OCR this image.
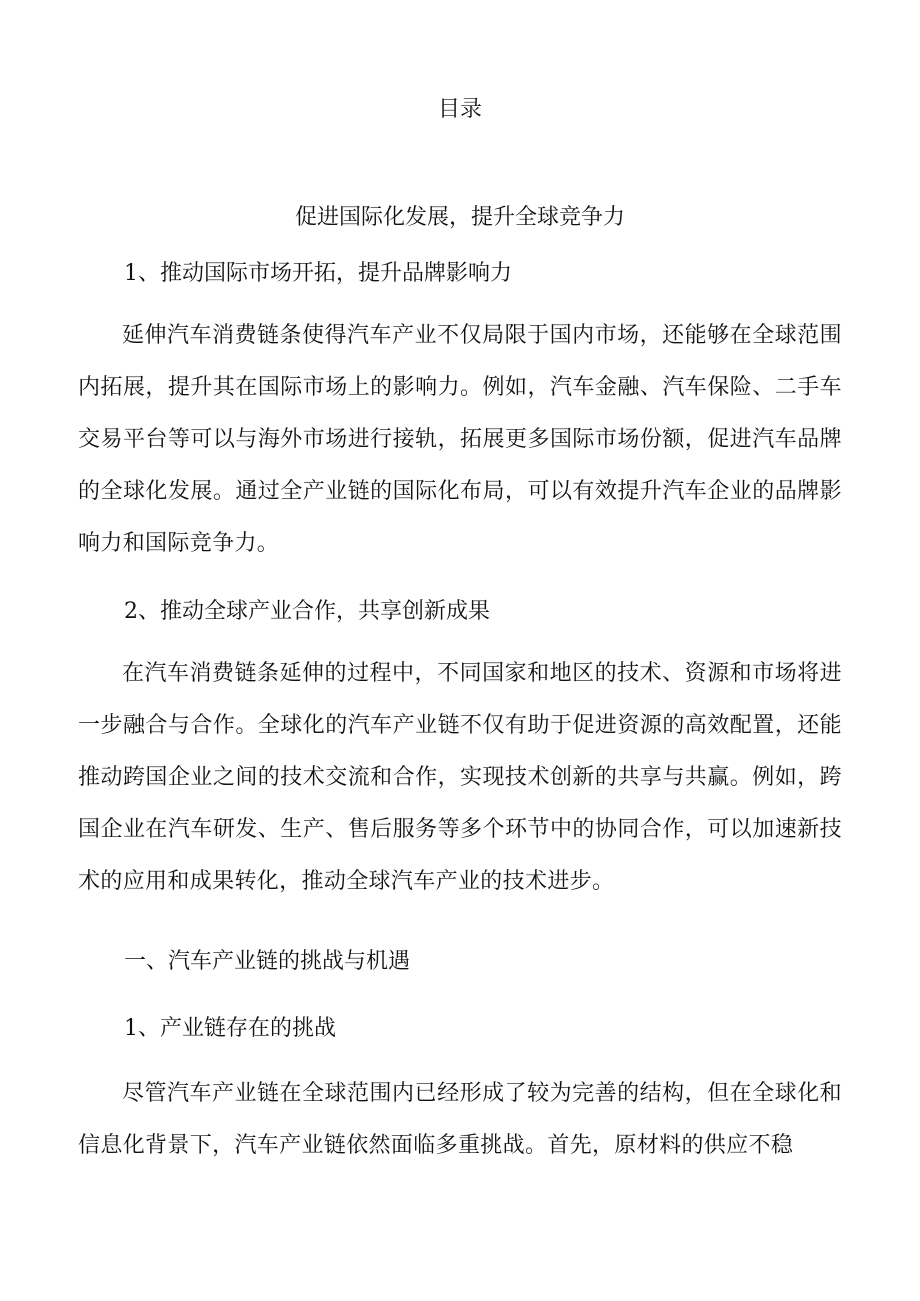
目录
促进国际化发展，提升全球竞争力
1、推动国际市场开拓，提升品牌影响力
延伸汽车消费链条使得汽车产业不仅局限于国内市场，还能够在全球范围内拓展，提升其在国际市场上的影响力。例如，汽车金融、汽车保险、二手车交易平台等可以与海外市场进行接轨，拓展更多国际市场份额，促进汽车品牌的全球化发展。通过全产业链的国际化布局，可以有效提升汽车企业的品牌影响力和国际竞争力。
2、推动全球产业合作，共享创新成果
在汽车消费链条延伸的过程中，不同国家和地区的技术、资源和市场将进一步融合与合作。全球化的汽车产业链不仅有助于促进资源的高效配置，还能推动跨国企业之间的技术交流和合作，实现技术创新的共享与共赢。例如，跨国企业在汽车研发、生产、售后服务等多个环节中的协同合作，可以加速新技术的应用和成果转化，推动全球汽车产业的技术进步。
一、汽车产业链的挑战与机遇
1、产业链存在的挑战
尽管汽车产业链在全球范围内已经形成了较为完善的结构，但在全球化和信息化背景下，汽车产业链依然面临多重挑战。首先，原材料的供应不稳
